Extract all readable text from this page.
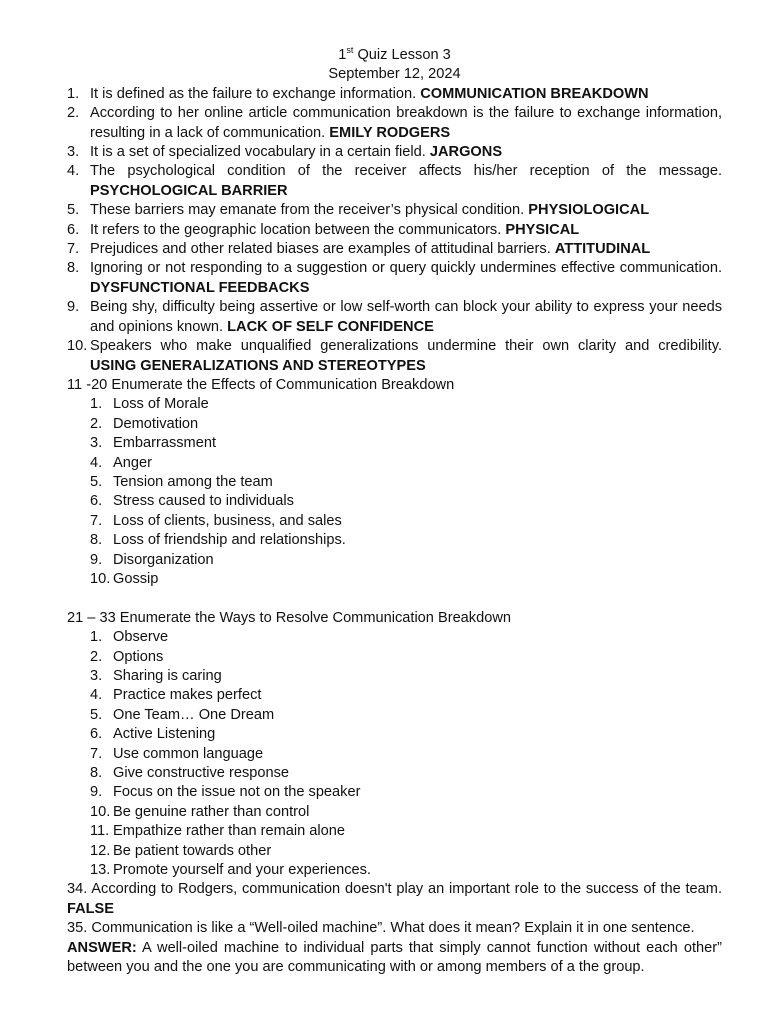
1st Quiz Lesson 3
September 12, 2024
1. It is defined as the failure to exchange information. COMMUNICATION BREAKDOWN
2. According to her online article communication breakdown is the failure to exchange information, resulting in a lack of communication. EMILY RODGERS
3. It is a set of specialized vocabulary in a certain field. JARGONS
4. The psychological condition of the receiver affects his/her reception of the message. PSYCHOLOGICAL BARRIER
5. These barriers may emanate from the receiver’s physical condition. PHYSIOLOGICAL
6. It refers to the geographic location between the communicators. PHYSICAL
7. Prejudices and other related biases are examples of attitudinal barriers. ATTITUDINAL
8. Ignoring or not responding to a suggestion or query quickly undermines effective communication. DYSFUNCTIONAL FEEDBACKS
9. Being shy, difficulty being assertive or low self-worth can block your ability to express your needs and opinions known. LACK OF SELF CONFIDENCE
10. Speakers who make unqualified generalizations undermine their own clarity and credibility. USING GENERALIZATIONS AND STEREOTYPES
11 -20 Enumerate the Effects of Communication Breakdown
1. Loss of Morale
2. Demotivation
3. Embarrassment
4. Anger
5. Tension among the team
6. Stress caused to individuals
7. Loss of clients, business, and sales
8. Loss of friendship and relationships.
9. Disorganization
10. Gossip
21 – 33 Enumerate the Ways to Resolve Communication Breakdown
1. Observe
2. Options
3. Sharing is caring
4. Practice makes perfect
5. One Team… One Dream
6. Active Listening
7. Use common language
8. Give constructive response
9. Focus on the issue not on the speaker
10. Be genuine rather than control
11. Empathize rather than remain alone
12. Be patient towards other
13. Promote yourself and your experiences.
34. According to Rodgers, communication doesn't play an important role to the success of the team. FALSE
35. Communication is like a “Well-oiled machine”. What does it mean? Explain it in one sentence.
ANSWER: A well-oiled machine to individual parts that simply cannot function without each other” between you and the one you are communicating with or among members of a the group.
